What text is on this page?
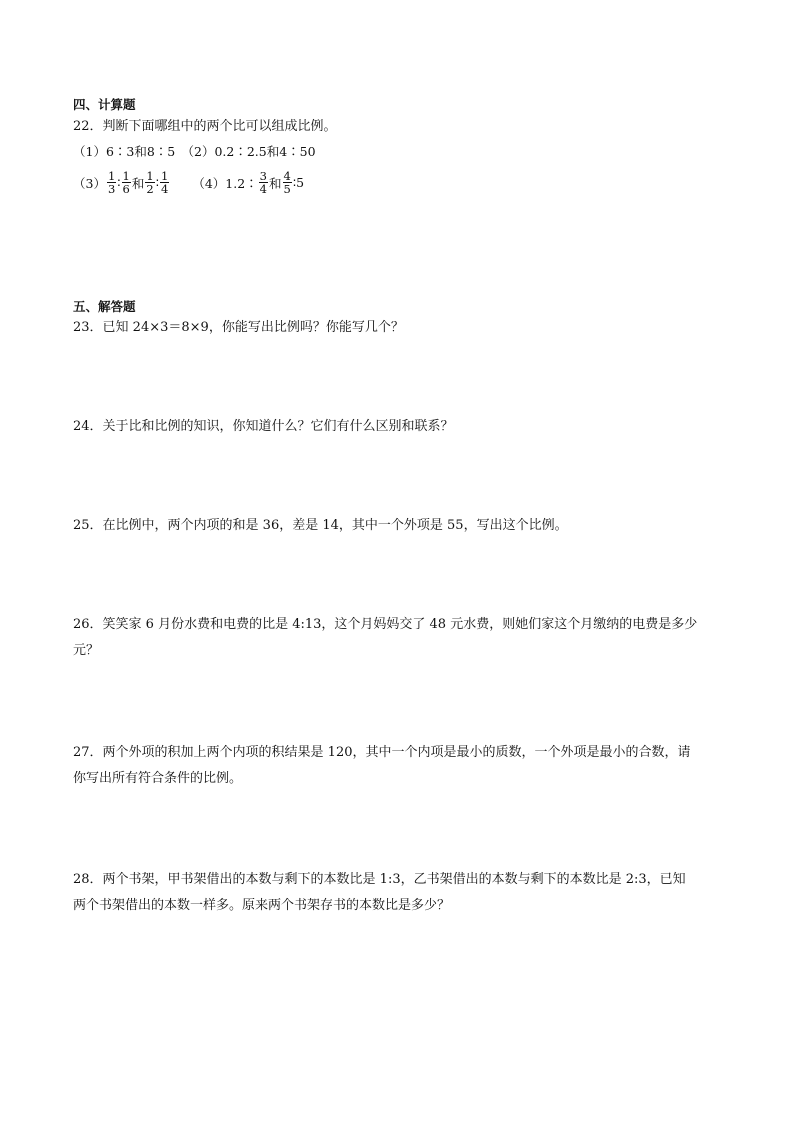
四、计算题
22．判断下面哪组中的两个比可以组成比例。
（1）6∶3和8∶5　（2）0.2∶2.5和4∶50
$(3) \frac{1}{3}$ ∶ $\frac{1}{6}$ 和 $\frac{1}{2}$ ∶ $\frac{1}{4}$ （4）1.2∶ $\frac{3}{4}$ 和 $\frac{4}{5}$ ∶5
五、解答题
23．已知 24×3＝8×9，你能写出比例吗？你能写几个？
24．关于比和比例的知识，你知道什么？它们有什么区别和联系？
25．在比例中，两个内项的和是 36，差是 14，其中一个外项是 55，写出这个比例。
26．笑笑家 6 月份水费和电费的比是 4:13，这个月妈妈交了 48 元水费，则她们家这个月缴纳的电费是多少
元？
27．两个外项的积加上两个内项的积结果是 120，其中一个内项是最小的质数，一个外项是最小的合数，请
你写出所有符合条件的比例。
28．两个书架，甲书架借出的本数与剩下的本数比是 1:3，乙书架借出的本数与剩下的本数比是 2:3，已知
两个书架借出的本数一样多。原来两个书架存书的本数比是多少？
